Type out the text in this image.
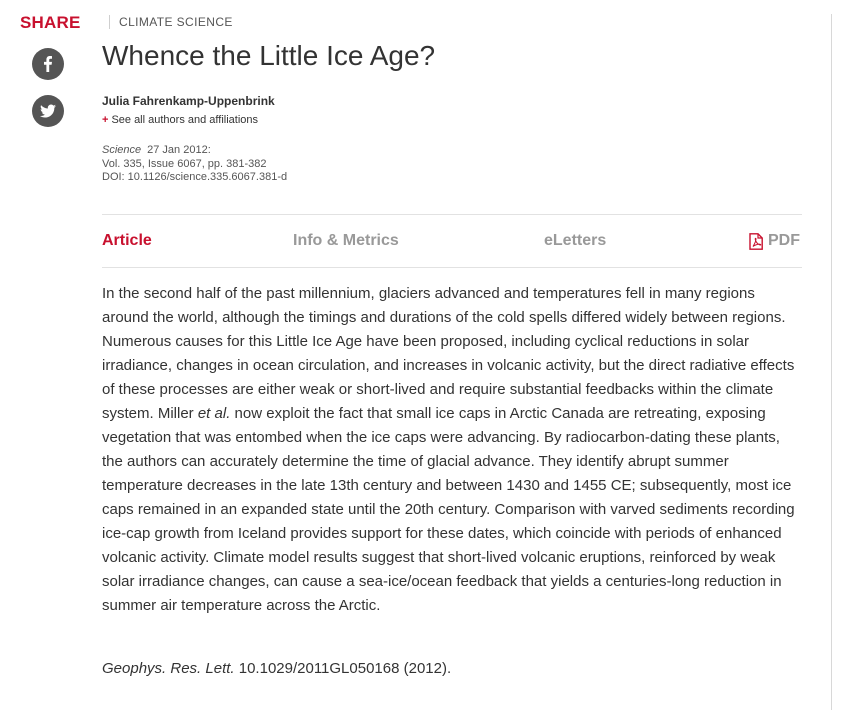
SHARE	CLIMATE SCIENCE
Whence the Little Ice Age?
Julia Fahrenkamp-Uppenbrink
+ See all authors and affiliations
Science 27 Jan 2012:
Vol. 335, Issue 6067, pp. 381-382
DOI: 10.1126/science.335.6067.381-d
Article	Info & Metrics	eLetters	PDF

In the second half of the past millennium, glaciers advanced and temperatures fell in many regions around the world, although the timings and durations of the cold spells differed widely between regions. Numerous causes for this Little Ice Age have been proposed, including cyclical reductions in solar irradiance, changes in ocean circulation, and increases in volcanic activity, but the direct radiative effects of these processes are either weak or short-lived and require substantial feedbacks within the climate system. Miller et al. now exploit the fact that small ice caps in Arctic Canada are retreating, exposing vegetation that was entombed when the ice caps were advancing. By radiocarbon-dating these plants, the authors can accurately determine the time of glacial advance. They identify abrupt summer temperature decreases in the late 13th century and between 1430 and 1455 CE; subsequently, most ice caps remained in an expanded state until the 20th century. Comparison with varved sediments recording ice-cap growth from Iceland provides support for these dates, which coincide with periods of enhanced volcanic activity. Climate model results suggest that short-lived volcanic eruptions, reinforced by weak solar irradiance changes, can cause a sea-ice/ocean feedback that yields a centuries-long reduction in summer air temperature across the Arctic.

Geophys. Res. Lett. 10.1029/2011GL050168 (2012).
